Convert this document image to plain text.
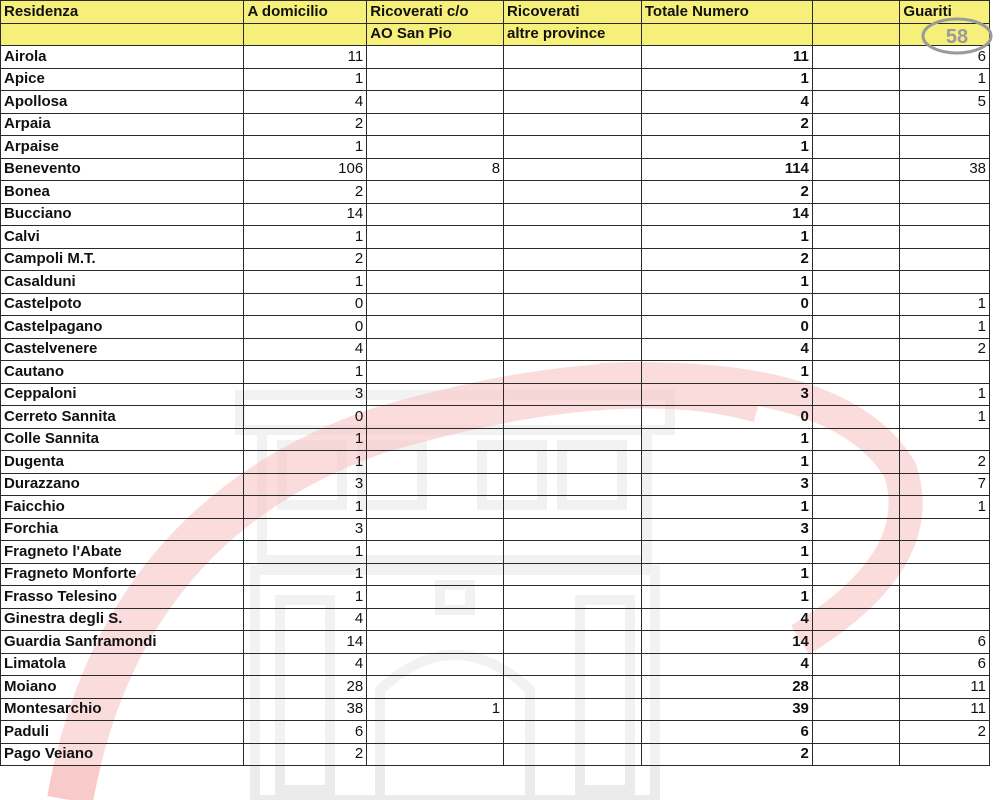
Residenza	A domicilio	Ricoverati c/o	Ricoverati	Totale Numero		Guariti
		AO San Pio	altre province			
Airola	11			11		6
Apice	1			1		1
Apollosa	4			4		5
Arpaia	2			2		
Arpaise	1			1		
Benevento	106	8		114		38
Bonea	2			2		
Bucciano	14			14		
Calvi	1			1		
Campoli M.T.	2			2		
Casalduni	1			1		
Castelpoto	0			0		1
Castelpagano	0			0		1
Castelvenere	4			4		2
Cautano	1			1		
Ceppaloni	3			3		1
Cerreto Sannita	0			0		1
Colle Sannita	1			1		
Dugenta	1			1		2
Durazzano	3			3		7
Faicchio	1			1		1
Forchia	3			3		
Fragneto l'Abate	1			1		
Fragneto Monforte	1			1		
Frasso Telesino	1			1		
Ginestra degli S.	4			4		
Guardia Sanframondi	14			14		6
Limatola	4			4		6
Moiano	28			28		11
Montesarchio	38	1		39		11
Paduli	6			6		2
Pago Veiano	2			2		
58
